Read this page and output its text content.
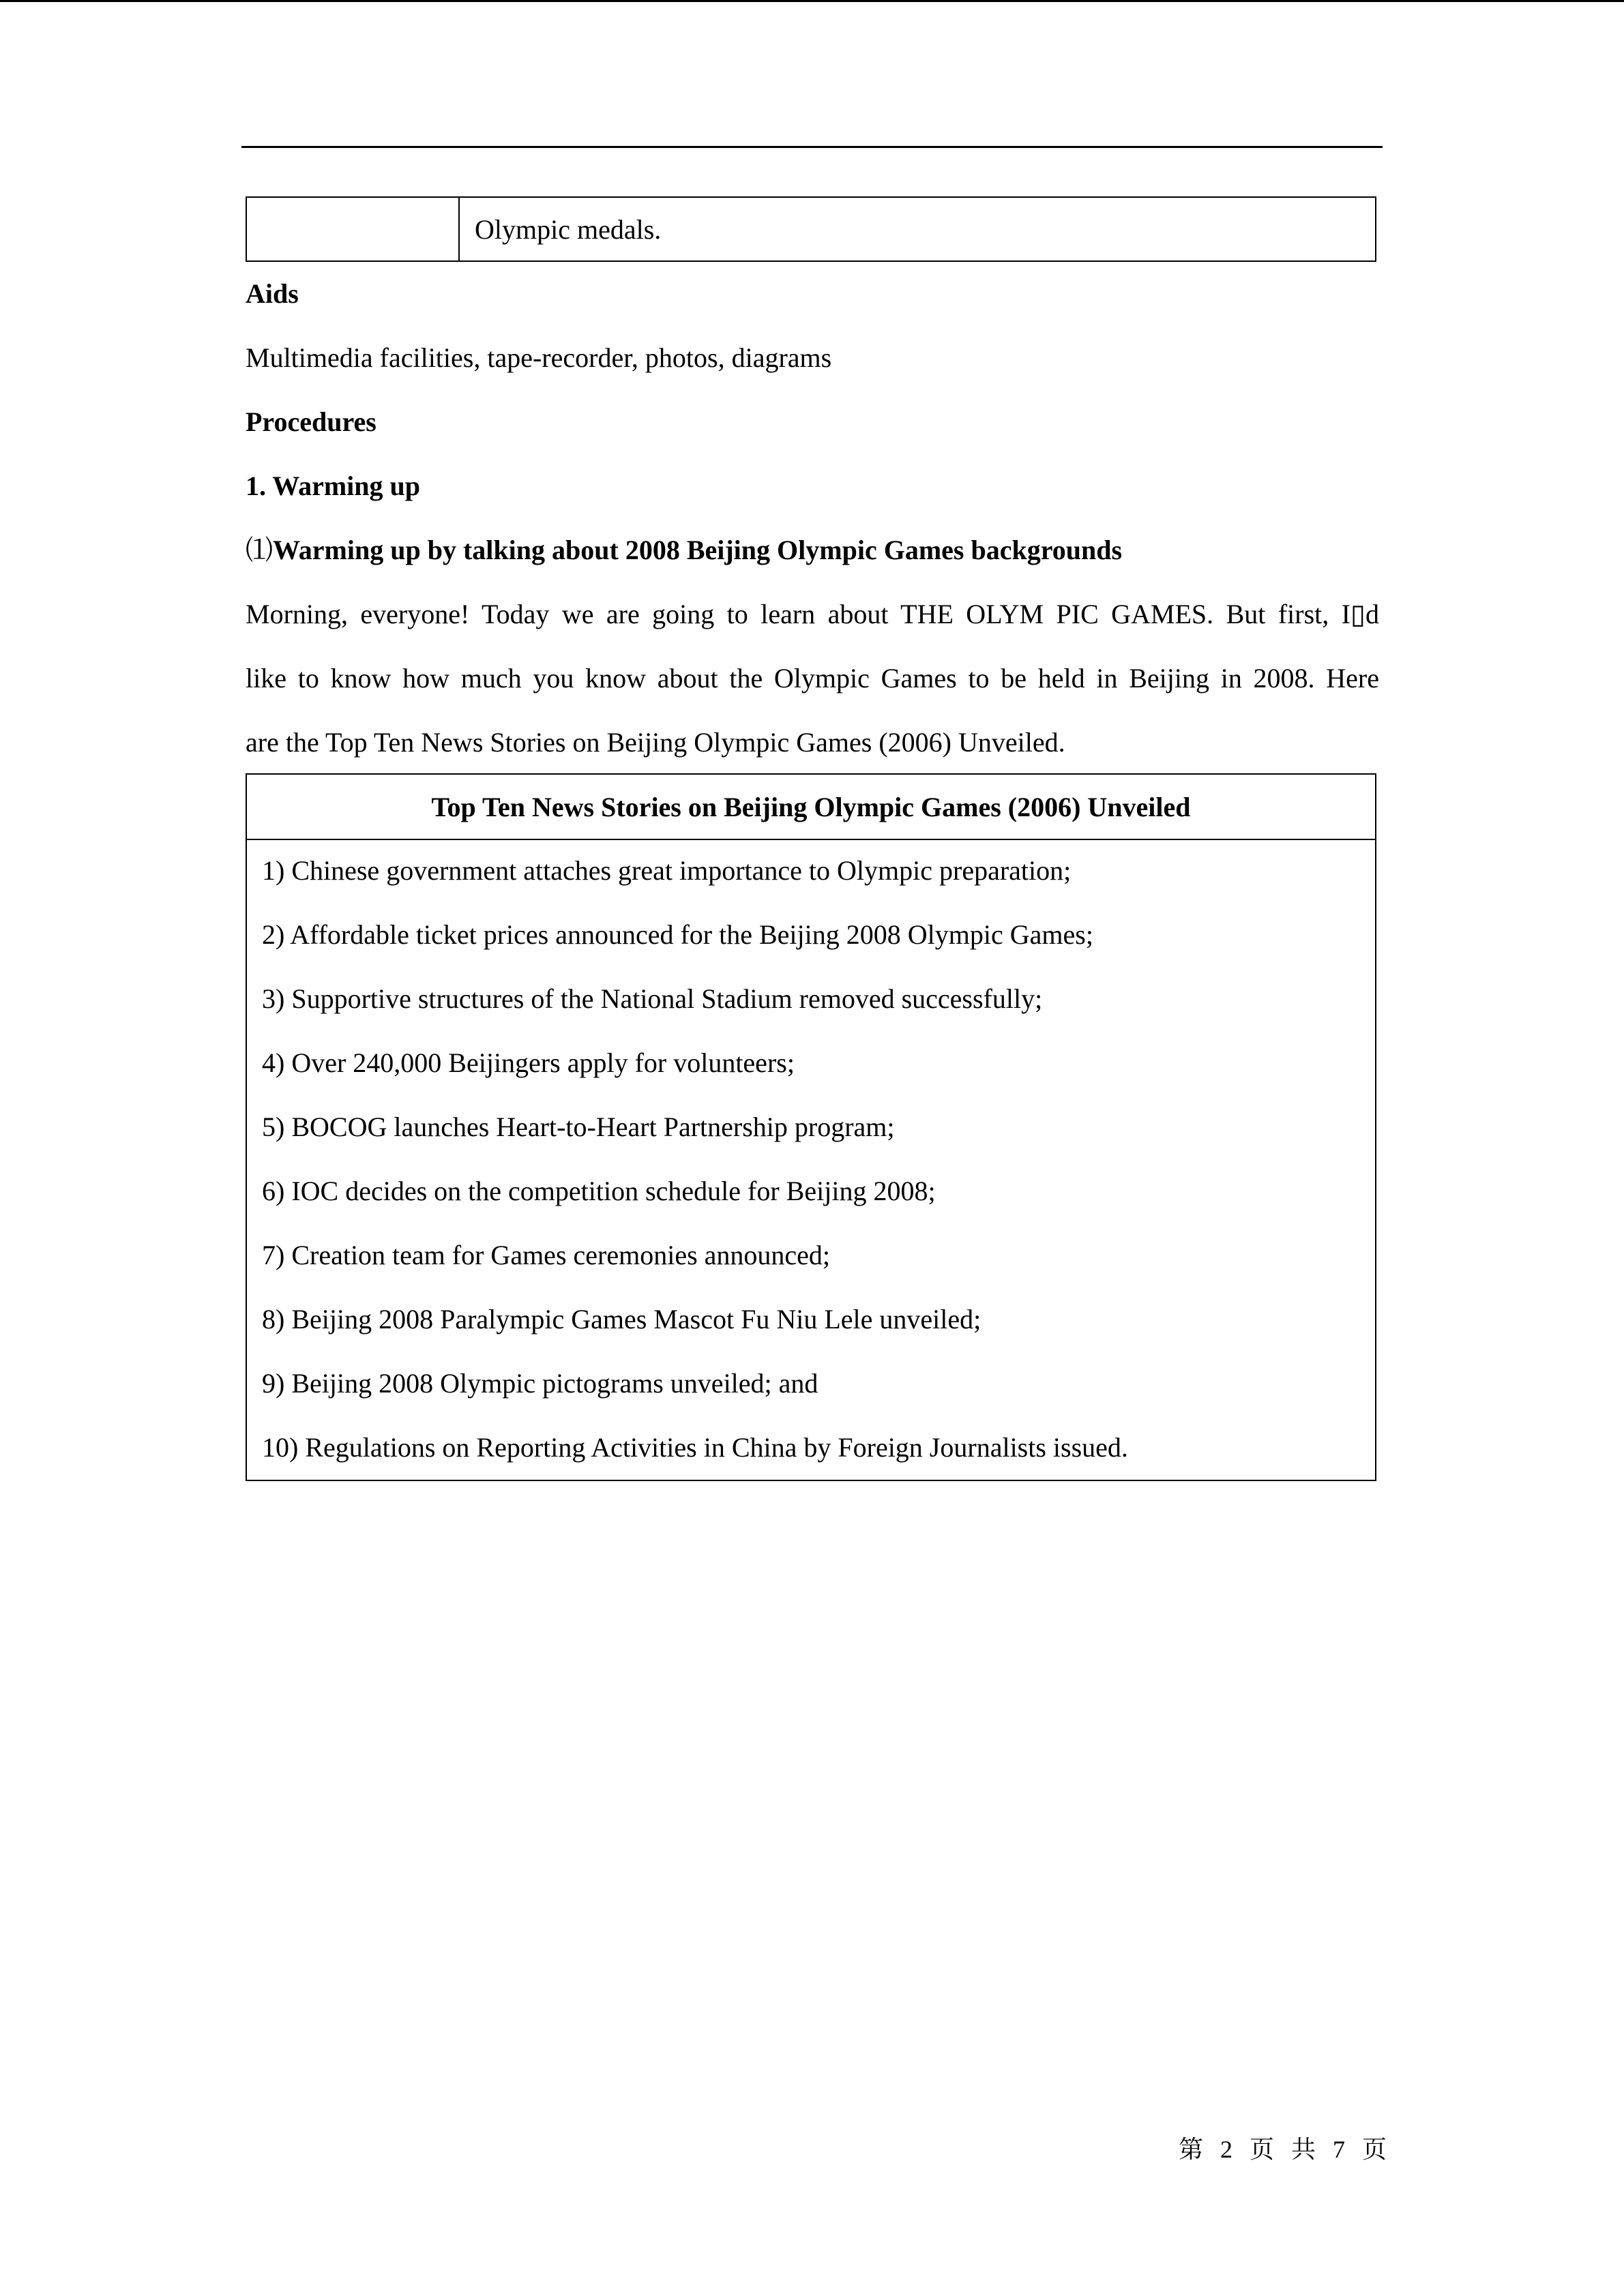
	Olympic medals.
Aids
Multimedia facilities, tape-recorder, photos, diagrams
Procedures
1. Warming up
⑴Warming up by talking about 2008 Beijing Olympic Games backgrounds
Morning, everyone! Today we are going to learn about THE OLYM PIC GAMES. But first, I▯d
like to know how much you know about the Olympic Games to be held in Beijing in 2008. Here
are the Top Ten News Stories on Beijing Olympic Games (2006) Unveiled.
Top Ten News Stories on Beijing Olympic Games (2006) Unveiled

1) Chinese government attaches great importance to Olympic preparation;
2) Affordable ticket prices announced for the Beijing 2008 Olympic Games;
3) Supportive structures of the National Stadium removed successfully;
4) Over 240,000 Beijingers apply for volunteers;
5) BOCOG launches Heart-to-Heart Partnership program;
6) IOC decides on the competition schedule for Beijing 2008;
7) Creation team for Games ceremonies announced;
8) Beijing 2008 Paralympic Games Mascot Fu Niu Lele unveiled;
9) Beijing 2008 Olympic pictograms unveiled; and
10) Regulations on Reporting Activities in China by Foreign Journalists issued.
第 2 页 共 7 页
